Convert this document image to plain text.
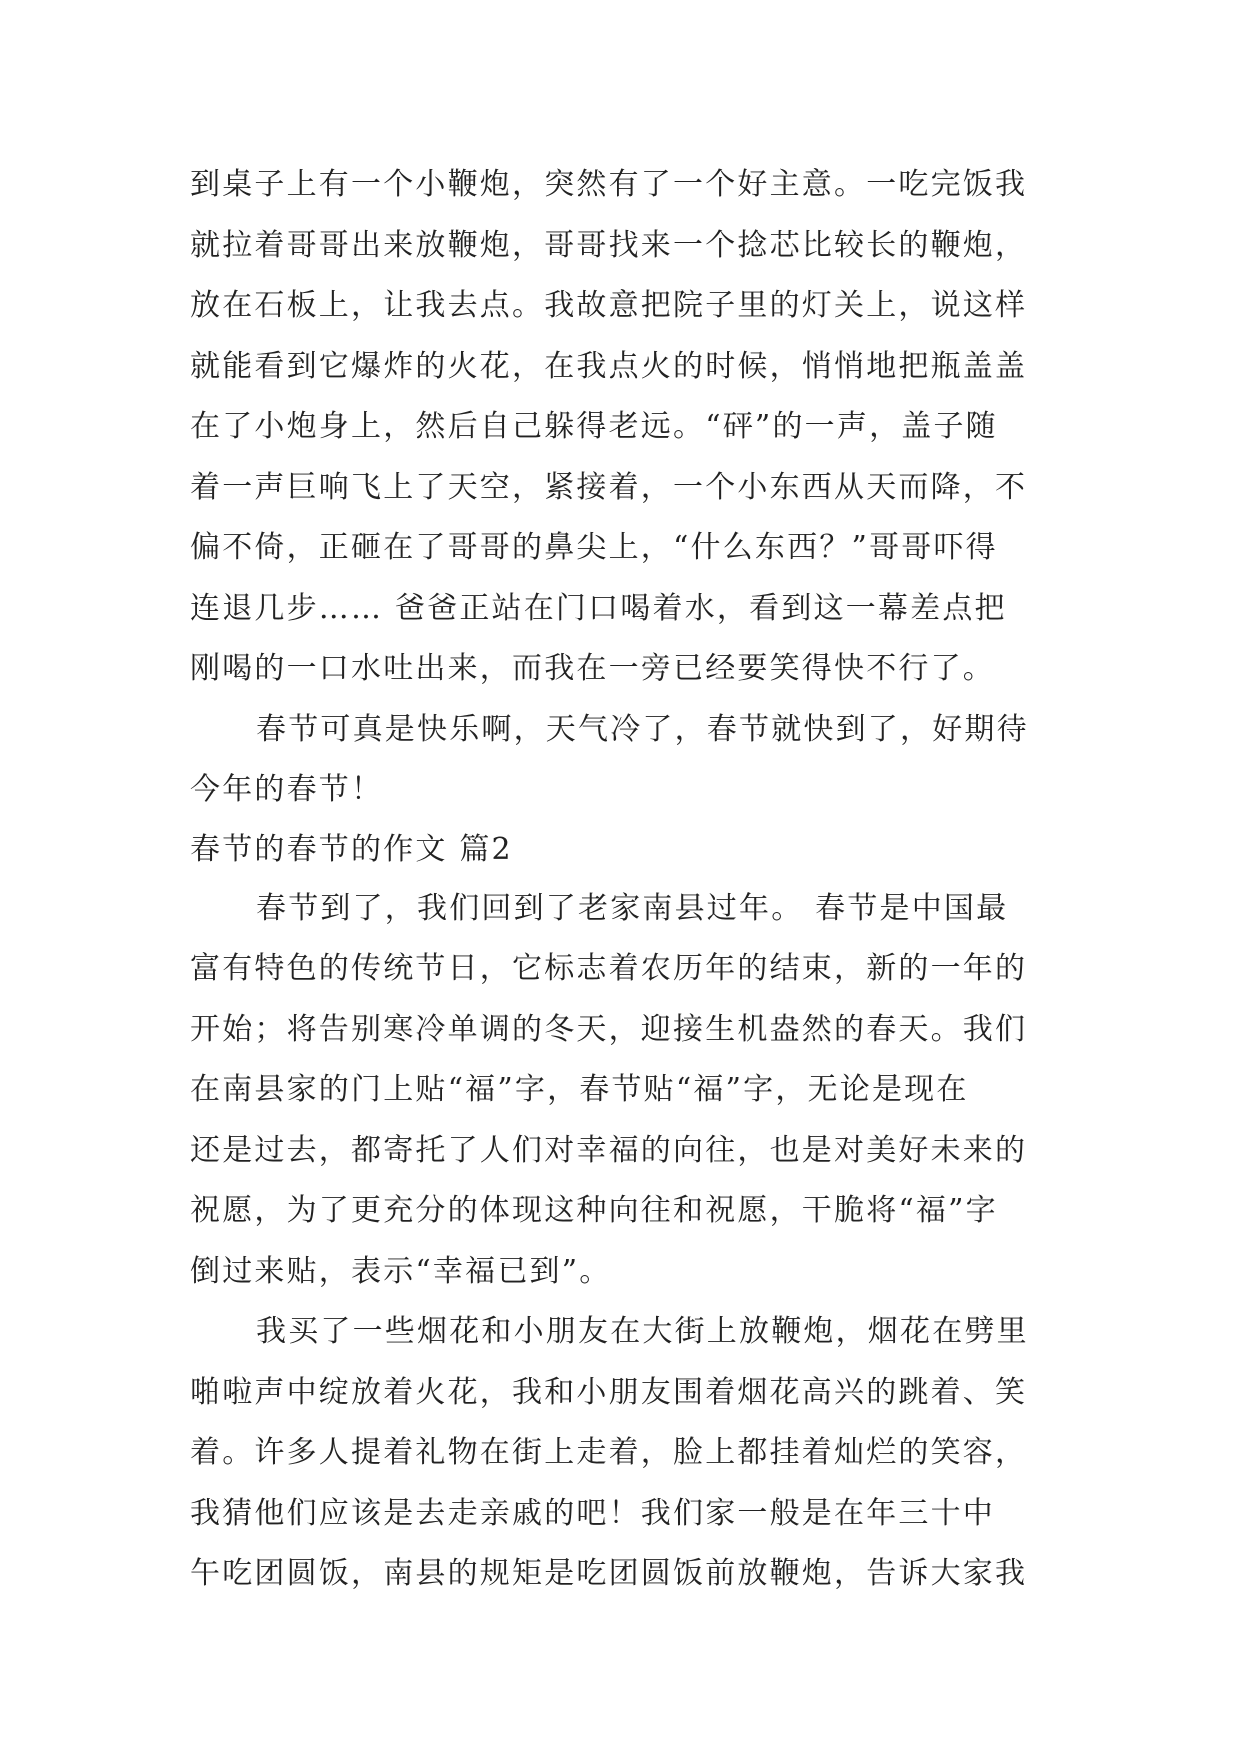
到桌子上有一个小鞭炮，突然有了一个好主意。一吃完饭我
就拉着哥哥出来放鞭炮，哥哥找来一个捻芯比较长的鞭炮，
放在石板上，让我去点。我故意把院子里的灯关上，说这样
就能看到它爆炸的火花，在我点火的时候，悄悄地把瓶盖盖
在了小炮身上，然后自己躲得老远。“砰”的一声，盖子随
着一声巨响飞上了天空，紧接着，一个小东西从天而降，不
偏不倚，正砸在了哥哥的鼻尖上，“什么东西？”哥哥吓得
连退几步…… 爸爸正站在门口喝着水，看到这一幕差点把
刚喝的一口水吐出来，而我在一旁已经要笑得快不行了。
春节可真是快乐啊，天气冷了，春节就快到了，好期待
今年的春节！
春节的春节的作文 篇2
春节到了，我们回到了老家南县过年。 春节是中国最
富有特色的传统节日，它标志着农历年的结束，新的一年的
开始；将告别寒冷单调的冬天，迎接生机盎然的春天。我们
在南县家的门上贴“福”字，春节贴“福”字，无论是现在
还是过去，都寄托了人们对幸福的向往，也是对美好未来的
祝愿，为了更充分的体现这种向往和祝愿，干脆将“福”字
倒过来贴，表示“幸福已到”。
我买了一些烟花和小朋友在大街上放鞭炮，烟花在劈里
啪啦声中绽放着火花，我和小朋友围着烟花高兴的跳着、笑
着。许多人提着礼物在街上走着，脸上都挂着灿烂的笑容，
我猜他们应该是去走亲戚的吧！我们家一般是在年三十中
午吃团圆饭，南县的规矩是吃团圆饭前放鞭炮，告诉大家我
